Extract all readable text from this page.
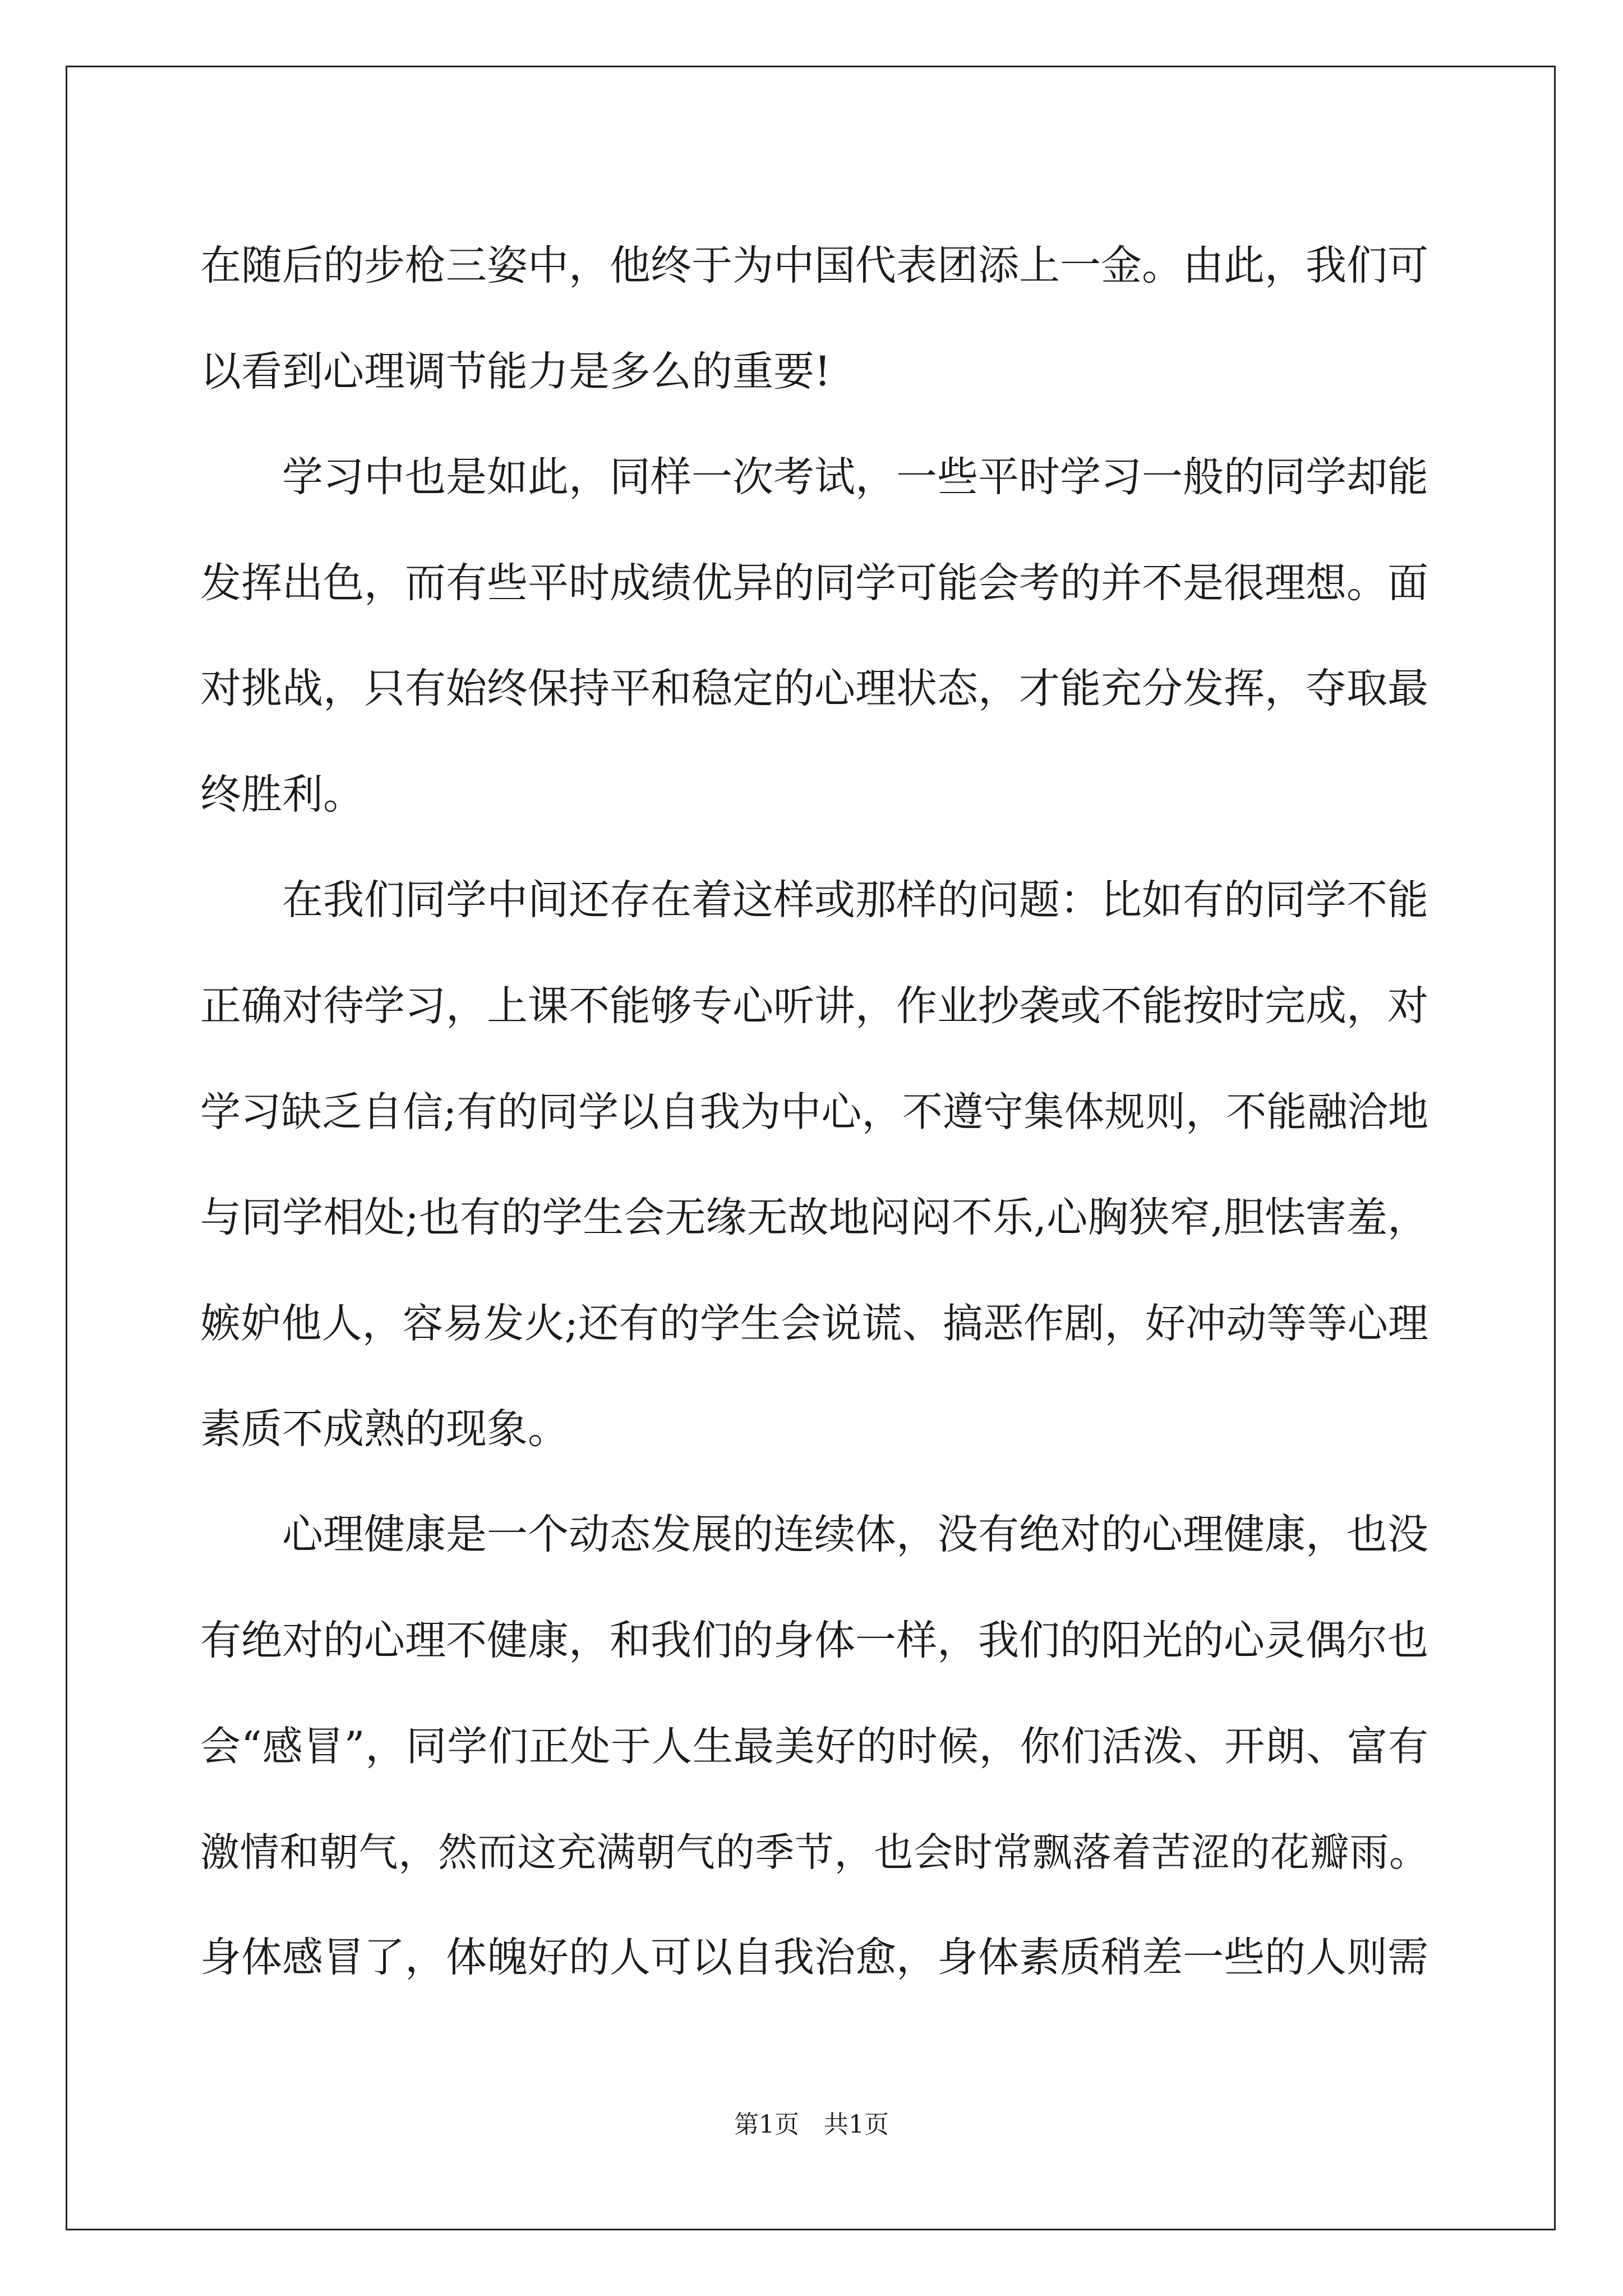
在随后的步枪三姿中，他终于为中国代表团添上一金。由此，我们可
以看到心理调节能力是多么的重要!
学习中也是如此，同样一次考试，一些平时学习一般的同学却能
发挥出色，而有些平时成绩优异的同学可能会考的并不是很理想。面
对挑战，只有始终保持平和稳定的心理状态，才能充分发挥，夺取最
终胜利。
在我们同学中间还存在着这样或那样的问题：比如有的同学不能
正确对待学习，上课不能够专心听讲，作业抄袭或不能按时完成，对
学习缺乏自信;有的同学以自我为中心，不遵守集体规则，不能融洽地
与同学相处;也有的学生会无缘无故地闷闷不乐,心胸狭窄,胆怯害羞，
嫉妒他人，容易发火;还有的学生会说谎、搞恶作剧，好冲动等等心理
素质不成熟的现象。
心理健康是一个动态发展的连续体，没有绝对的心理健康，也没
有绝对的心理不健康，和我们的身体一样，我们的阳光的心灵偶尔也
会“感冒”，同学们正处于人生最美好的时候，你们活泼、开朗、富有
激情和朝气，然而这充满朝气的季节，也会时常飘落着苦涩的花瓣雨。
身体感冒了，体魄好的人可以自我治愈，身体素质稍差一些的人则需
第1页 共1页
